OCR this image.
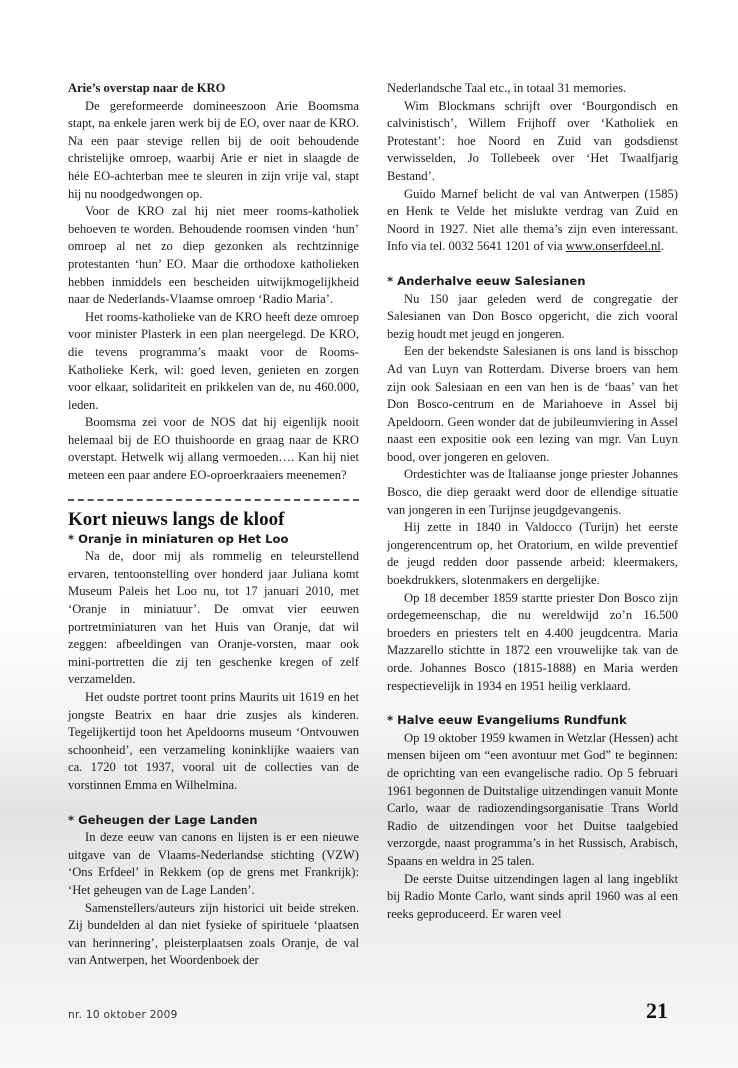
Arie’s overstap naar de KRO

De gereformeerde domineeszoon Arie Boomsma stapt, na enkele jaren werk bij de EO, over naar de KRO. Na een paar stevige rellen bij de ooit behoudende christelijke omroep, waarbij Arie er niet in slaagde de héle EO-achterban mee te sleuren in zijn vrije val, stapt hij nu noodgedwongen op.

Voor de KRO zal hij niet meer rooms-katholiek behoeven te worden. Behoudende roomsen vinden ‘hun’ omroep al net zo diep gezonken als rechtzinnige protestanten ‘hun’ EO. Maar die orthodoxe katholieken hebben inmiddels een bescheiden uitwijkmogelijkheid naar de Nederlands-Vlaamse omroep ‘Radio Maria’.

Het rooms-katholieke van de KRO heeft deze omroep voor minister Plasterk in een plan neergelegd. De KRO, die tevens programma’s maakt voor de Rooms-Katholieke Kerk, wil: goed leven, genieten en zorgen voor elkaar, solidariteit en prikkelen van de, nu 460.000, leden.

Boomsma zei voor de NOS dat hij eigenlijk nooit helemaal bij de EO thuishoorde en graag naar de KRO overstapt. Hetwelk wij allang vermoeden…. Kan hij niet meteen een paar andere EO-oproerkraaiers meenemen?

Kort nieuws langs de kloof

* Oranje in miniaturen op Het Loo

Na de, door mij als rommelig en teleurstellend ervaren, tentoonstelling over honderd jaar Juliana komt Museum Paleis het Loo nu, tot 17 januari 2010, met ‘Oranje in miniatuur’. De omvat vier eeuwen portretminiaturen van het Huis van Oranje, dat wil zeggen: afbeeldingen van Oranje-vorsten, maar ook mini-portretten die zij ten geschenke kregen of zelf verzamelden.

Het oudste portret toont prins Maurits uit 1619 en het jongste Beatrix en haar drie zusjes als kinderen. Tegelijkertijd toon het Apeldoorns museum ‘Ontvouwen schoonheid’, een verzameling koninklijke waaiers van ca. 1720 tot 1937, vooral uit de collecties van de vorstinnen Emma en Wilhelmina.

* Geheugen der Lage Landen

In deze eeuw van canons en lijsten is er een nieuwe uitgave van de Vlaams-Nederlandse stichting (VZW) ‘Ons Erfdeel’ in Rekkem (op de grens met Frankrijk): ‘Het geheugen van de Lage Landen’.

Samenstellers/auteurs zijn historici uit beide streken. Zij bundelden al dan niet fysieke of spirituele ‘plaatsen van herinnering’, pleisterplaatsen zoals Oranje, de val van Antwerpen, het Woordenboek der

Nederlandsche Taal etc., in totaal 31 memories.

Wim Blockmans schrijft over ‘Bourgondisch en calvinistisch’, Willem Frijhoff over ‘Katholiek en Protestant’: hoe Noord en Zuid van godsdienst verwisselden, Jo Tollebeek over ‘Het Twaalfjarig Bestand’.

Guido Marnef belicht de val van Antwerpen (1585) en Henk te Velde het mislukte verdrag van Zuid en Noord in 1927. Niet alle thema’s zijn even interessant. Info via tel. 0032 5641 1201 of via www.onserfdeel.nl.

* Anderhalve eeuw Salesianen

Nu 150 jaar geleden werd de congregatie der Salesianen van Don Bosco opgericht, die zich vooral bezig houdt met jeugd en jongeren.

Een der bekendste Salesianen is ons land is bisschop Ad van Luyn van Rotterdam. Diverse broers van hem zijn ook Salesiaan en een van hen is de ‘baas’ van het Don Bosco-centrum en de Mariahoeve in Assel bij Apeldoorn. Geen wonder dat de jubileumviering in Assel naast een expositie ook een lezing van mgr. Van Luyn bood, over jongeren en geloven.

Ordestichter was de Italiaanse jonge priester Johannes Bosco, die diep geraakt werd door de ellendige situatie van jongeren in een Turijnse jeugdgevangenis.

Hij zette in 1840 in Valdocco (Turijn) het eerste jongerencentrum op, het Oratorium, en wilde preventief de jeugd redden door passende arbeid: kleermakers, boekdrukkers, slotenmakers en dergelijke.

Op 18 december 1859 startte priester Don Bosco zijn ordegemeenschap, die nu wereldwijd zo’n 16.500 broeders en priesters telt en 4.400 jeugdcentra. Maria Mazzarello stichtte in 1872 een vrouwelijke tak van de orde. Johannes Bosco (1815-1888) en Maria werden respectievelijk in 1934 en 1951 heilig verklaard.

* Halve eeuw Evangeliums Rundfunk

Op 19 oktober 1959 kwamen in Wetzlar (Hessen) acht mensen bijeen om “een avontuur met God” te beginnen: de oprichting van een evangelische radio. Op 5 februari 1961 begonnen de Duitstalige uitzendingen vanuit Monte Carlo, waar de radiozendingsorganisatie Trans World Radio de uitzendingen voor het Duitse taalgebied verzorgde, naast programma’s in het Russisch, Arabisch, Spaans en weldra in 25 talen.

De eerste Duitse uitzendingen lagen al lang ingeblikt bij Radio Monte Carlo, want sinds april 1960 was al een reeks geproduceerd. Er waren veel

nr. 10 oktober 2009	21
